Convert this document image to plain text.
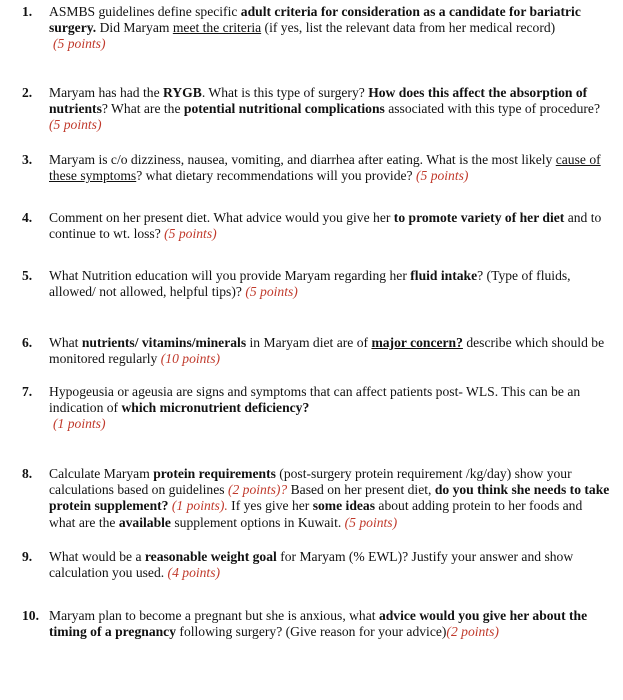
1.	ASMBS guidelines define specific adult criteria for consideration as a candidate for bariatric surgery. Did Maryam meet the criteria (if yes, list the relevant data from her medical record)
(5 points)
2.	Maryam has had the RYGB. What is this type of surgery? How does this affect the absorption of nutrients? What are the potential nutritional complications associated with this type of procedure? (5 points)
3.	Maryam is c/o dizziness, nausea, vomiting, and diarrhea after eating. What is the most likely cause of these symptoms? what dietary recommendations will you provide? (5 points)
4.	Comment on her present diet. What advice would you give her to promote variety of her diet and to continue to wt. loss? (5 points)
5.	What Nutrition education will you provide Maryam regarding her fluid intake? (Type of fluids, allowed/ not allowed, helpful tips)? (5 points)
6.	What nutrients/ vitamins/minerals in Maryam diet are of major concern? describe which should be monitored regularly (10 points)
7.	Hypogeusia or ageusia are signs and symptoms that can affect patients post- WLS. This can be an indication of which micronutrient deficiency?
(1 points)
8.	Calculate Maryam protein requirements (post-surgery protein requirement /kg/day) show your calculations based on guidelines (2 points)? Based on her present diet, do you think she needs to take protein supplement? (1 points). If yes give her some ideas about adding protein to her foods and what are the available supplement options in Kuwait. (5 points)
9.	What would be a reasonable weight goal for Maryam (% EWL)? Justify your answer and show calculation you used. (4 points)
10. Maryam plan to become a pregnant but she is anxious, what advice would you give her about the timing of a pregnancy following surgery? (Give reason for your advice)(2 points)
